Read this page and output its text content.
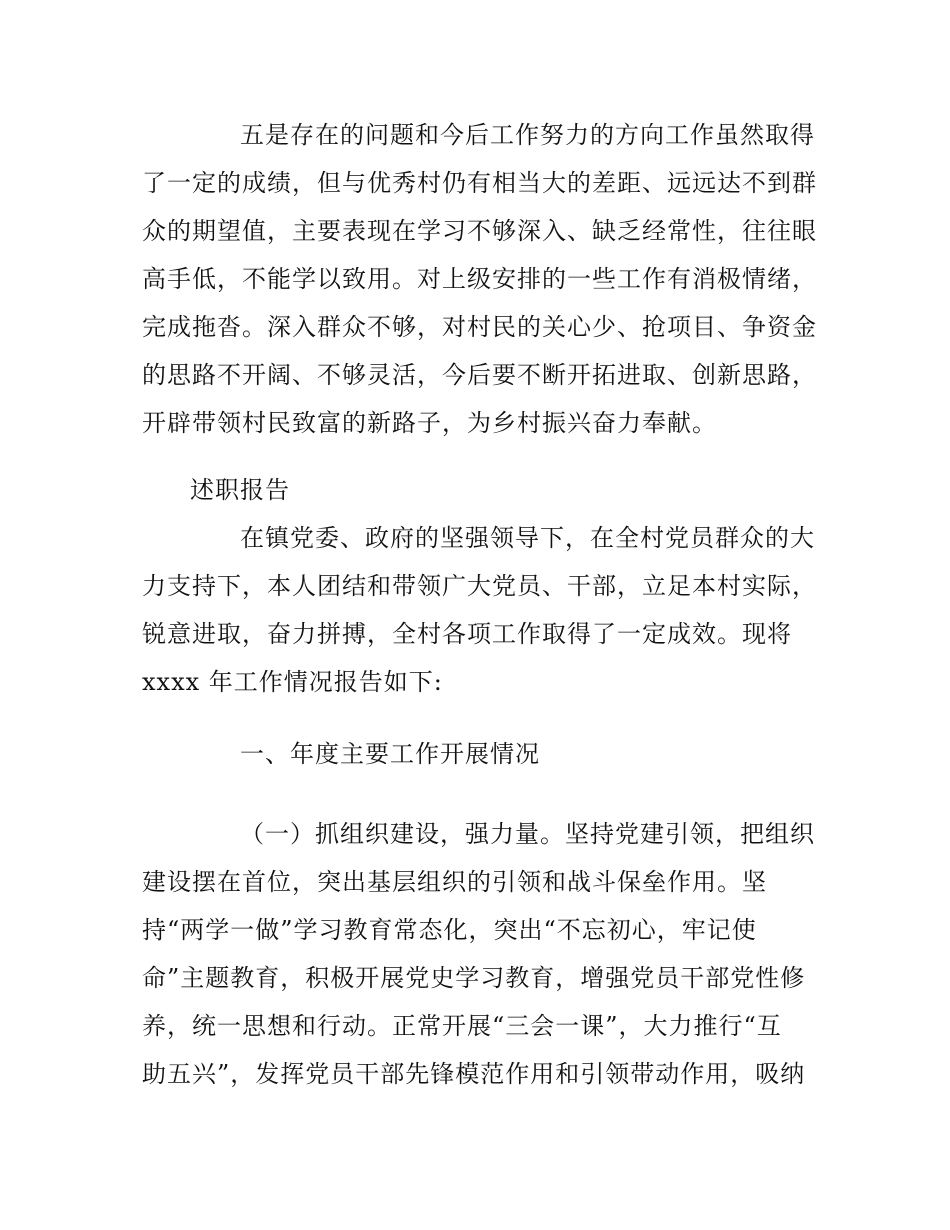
五是存在的问题和今后工作努力的方向工作虽然取得
了一定的成绩，但与优秀村仍有相当大的差距、远远达不到群
众的期望值，主要表现在学习不够深入、缺乏经常性，往往眼
高手低，不能学以致用。对上级安排的一些工作有消极情绪，
完成拖沓。深入群众不够，对村民的关心少、抢项目、争资金
的思路不开阔、不够灵活，今后要不断开拓进取、创新思路，
开辟带领村民致富的新路子，为乡村振兴奋力奉献。
述职报告
在镇党委、政府的坚强领导下，在全村党员群众的大
力支持下，本人团结和带领广大党员、干部，立足本村实际，
锐意进取，奋力拼搏，全村各项工作取得了一定成效。现将
xxxx 年工作情况报告如下:
一、年度主要工作开展情况
（一）抓组织建设，强力量。坚持党建引领，把组织
建设摆在首位，突出基层组织的引领和战斗保垒作用。坚
持“两学一做”学习教育常态化，突出“不忘初心，牢记使
命”主题教育，积极开展党史学习教育，增强党员干部党性修
养，统一思想和行动。正常开展“三会一课”，大力推行“互
助五兴”，发挥党员干部先锋模范作用和引领带动作用，吸纳
